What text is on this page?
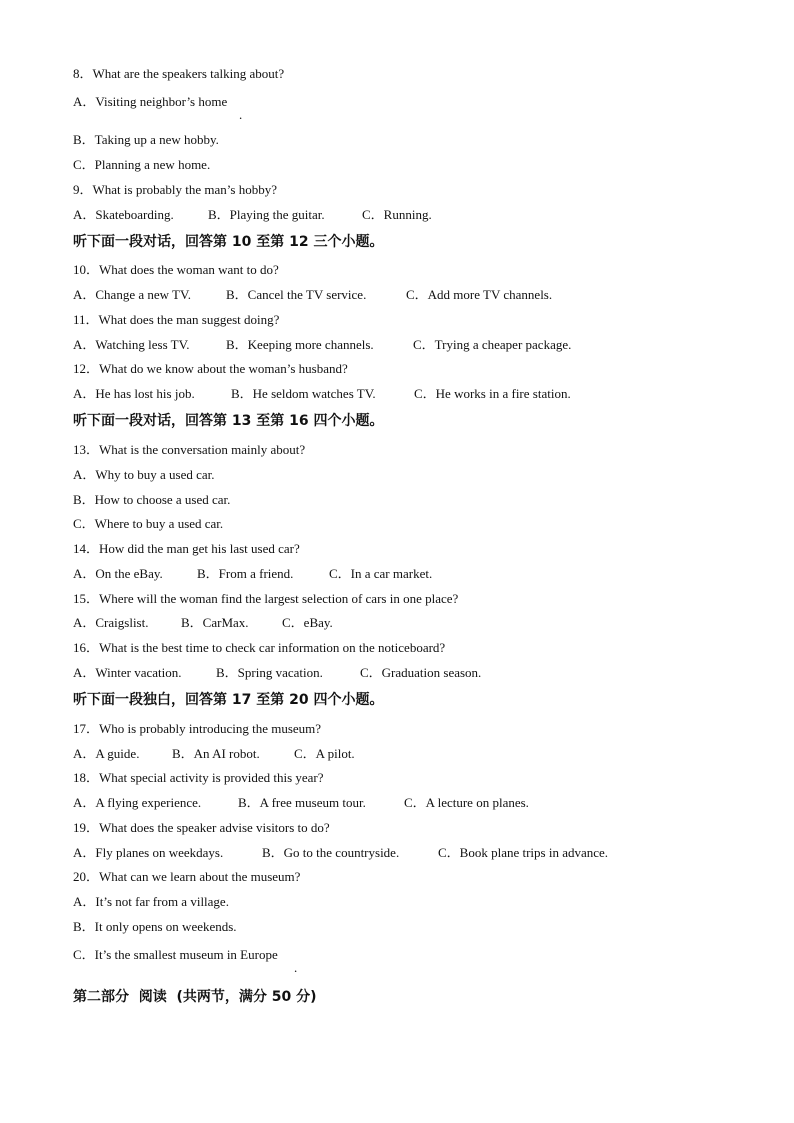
8．What are the speakers talking about?
A．Visiting neighbor’s home
.
B．Taking up a new hobby.
C．Planning a new home.
9．What is probably the man’s hobby?
A．Skateboarding.	B．Playing the guitar.	C．Running.
听下面一段对话，回答第 10 至第 12 三个小题。
10．What does the woman want to do?
A．Change a new TV.	B．Cancel the TV service.	C．Add more TV channels.
11．What does the man suggest doing?
A．Watching less TV.	B．Keeping more channels.	C．Trying a cheaper package.
12．What do we know about the woman’s husband?
A．He has lost his job.	B．He seldom watches TV.	C．He works in a fire station.
听下面一段对话，回答第 13 至第 16 四个小题。
13．What is the conversation mainly about?
A．Why to buy a used car.
B．How to choose a used car.
C．Where to buy a used car.
14．How did the man get his last used car?
A．On the eBay.	B．From a friend.	C．In a car market.
15．Where will the woman find the largest selection of cars in one place?
A．Craigslist.	B．CarMax.	C．eBay.
16．What is the best time to check car information on the noticeboard?
A．Winter vacation.	B．Spring vacation.	C．Graduation season.
听下面一段独白，回答第 17 至第 20 四个小题。
17．Who is probably introducing the museum?
A．A guide.	B．An AI robot.	C．A pilot.
18．What special activity is provided this year?
A．A flying experience.	B．A free museum tour.	C．A lecture on planes.
19．What does the speaker advise visitors to do?
A．Fly planes on weekdays.	B．Go to the countryside.	C．Book plane trips in advance.
20．What can we learn about the museum?
A．It’s not far from a village.
B．It only opens on weekends.
C．It’s the smallest museum in Europe
.
第二部分  阅读  (共两节，满分 50 分)
